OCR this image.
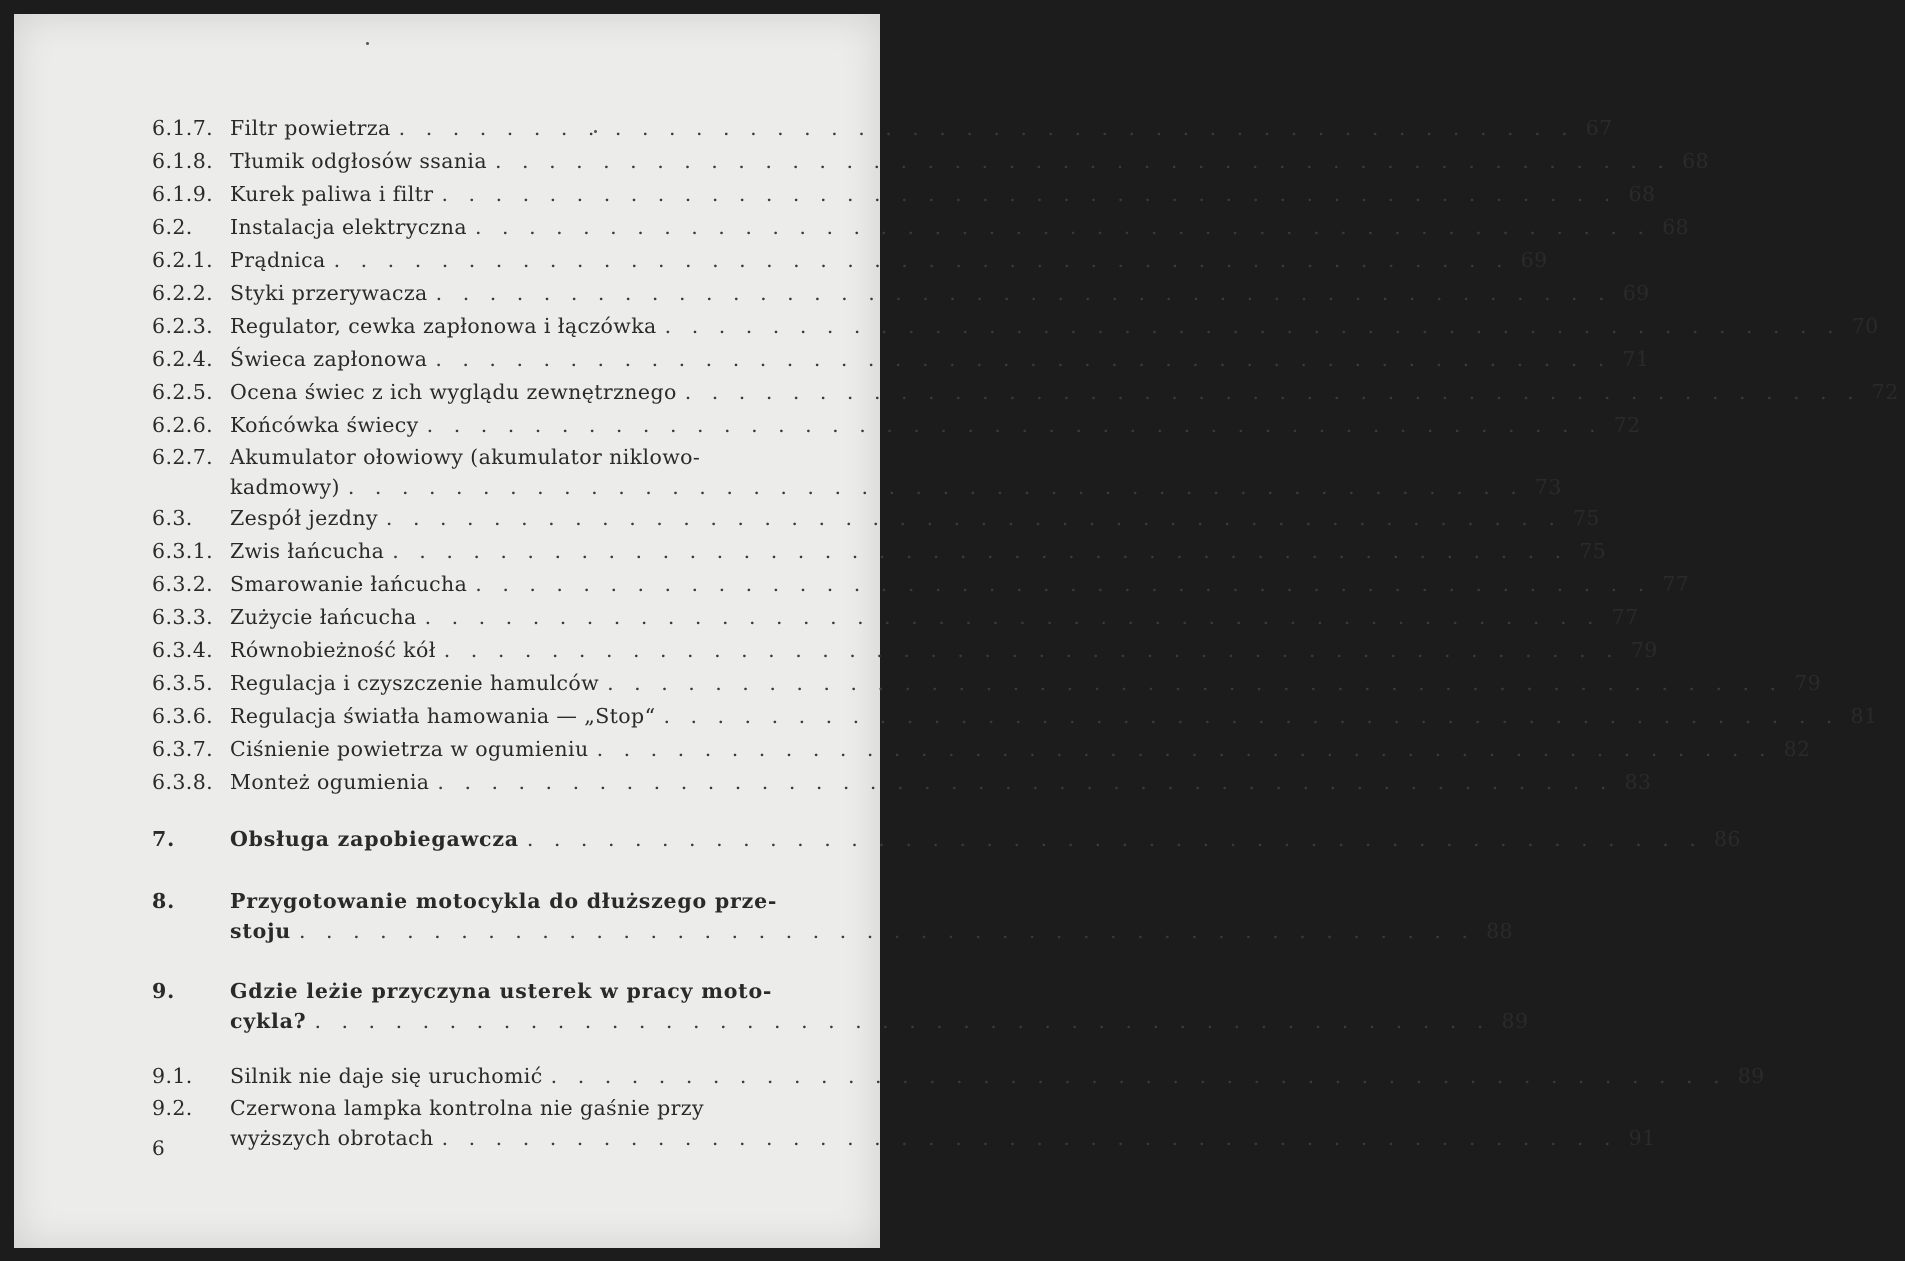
6.1.7. Filtr powietrza . . .	67
6.1.8. Tłumik odgłosów ssania . . .	68
6.1.9. Kurek paliwa i filtr . . .	68
6.2.	Instalacja elektryczna . . .	68
6.2.1. Prądnica . . .	69
6.2.2. Styki przerywacza . . .	69
6.2.3. Regulator, cewka zapłonowa i łączówka . . .	70
6.2.4. Świeca zapłonowa . . .	71
6.2.5. Ocena świec z ich wyglądu zewnętrznego . . .	72
6.2.6. Końcówka świecy . . .	72
6.2.7. Akumulator ołowiowy (akumulator niklowo-
kadmowy) . . .	73
6.3.	Zespół jezdny . . .	75
6.3.1. Zwis łańcucha . . .	75
6.3.2. Smarowanie łańcucha . . .	77
6.3.3. Zużycie łańcucha . . .	77
6.3.4. Równobieżność kół . . .	79
6.3.5. Regulacja i czyszczenie hamulców . . .	79
6.3.6. Regulacja światła hamowania — „Stop“ . . .	81
6.3.7. Ciśnienie powietrza w ogumieniu . . .	82
6.3.8. Monteż ogumienia . . .	83
7.	Obsługa zapobiegawcza . . .	86
8.	Przygotowanie motocykla do dłuższego prze-
stoju . . .	88
9.	Gdzie leżie przyczyna usterek w pracy moto-
cykla? . . .	89
9.1.	Silnik nie daje się uruchomić . . .	89
9.2.	Czerwona lampka kontrolna nie gaśnie przy
wyższych obrotach . . .	91
6
